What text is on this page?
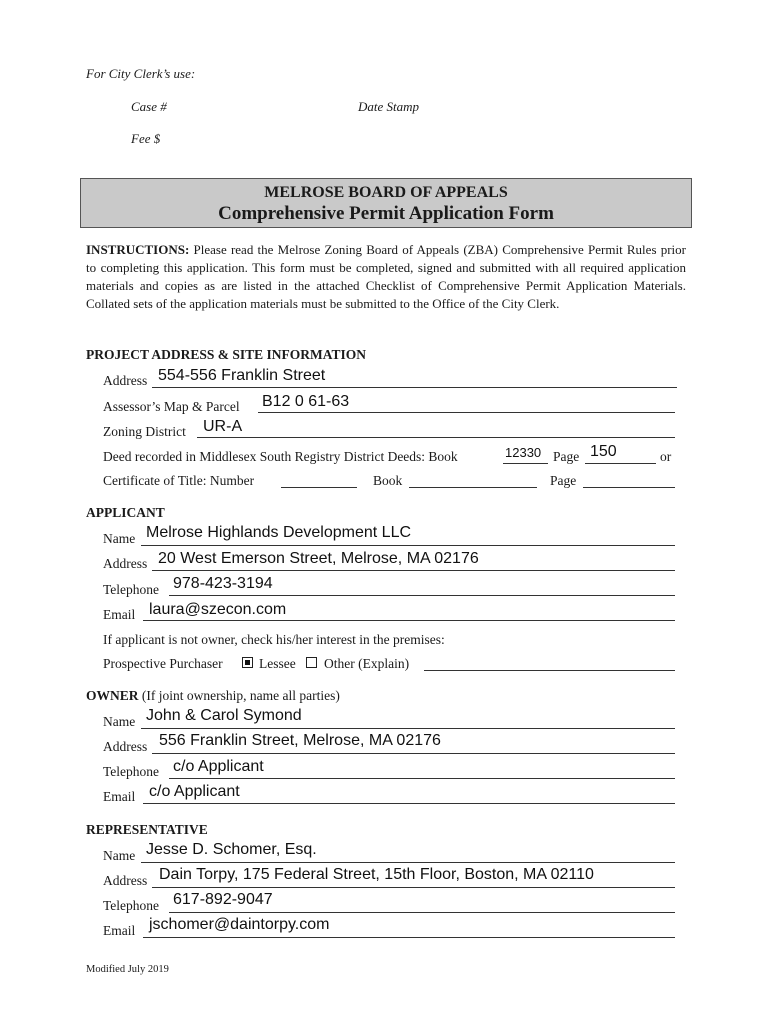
For City Clerk’s use:
Case #	Date Stamp
Fee $
MELROSE BOARD OF APPEALS
Comprehensive Permit Application Form
INSTRUCTIONS: Please read the Melrose Zoning Board of Appeals (ZBA) Comprehensive Permit Rules prior to completing this application. This form must be completed, signed and submitted with all required application materials and copies as are listed in the attached Checklist of Comprehensive Permit Application Materials. Collated sets of the application materials must be submitted to the Office of the City Clerk.
PROJECT ADDRESS & SITE INFORMATION
Address 554-556 Franklin Street
Assessor’s Map & Parcel B12 0 61-63
Zoning District UR-A
Deed recorded in Middlesex South Registry District Deeds: Book	12330 Page 150	or
Certificate of Title: Number	Book	Page
APPLICANT
Name Melrose Highlands Development LLC
Address 20 West Emerson Street, Melrose, MA 02176
Telephone 978-423-3194
Email laura@szecon.com
If applicant is not owner, check his/her interest in the premises:
Prospective Purchaser	Lessee Other (Explain)
OWNER (If joint ownership, name all parties)
Name John & Carol Symond
Address 556 Franklin Street, Melrose, MA 02176
Telephone c/o Applicant
Email c/o Applicant
REPRESENTATIVE
Name Jesse D. Schomer, Esq.
Address Dain Torpy, 175 Federal Street, 15th Floor, Boston, MA 02110
Telephone 617-892-9047
Email jschomer@daintorpy.com
Modified July 2019
